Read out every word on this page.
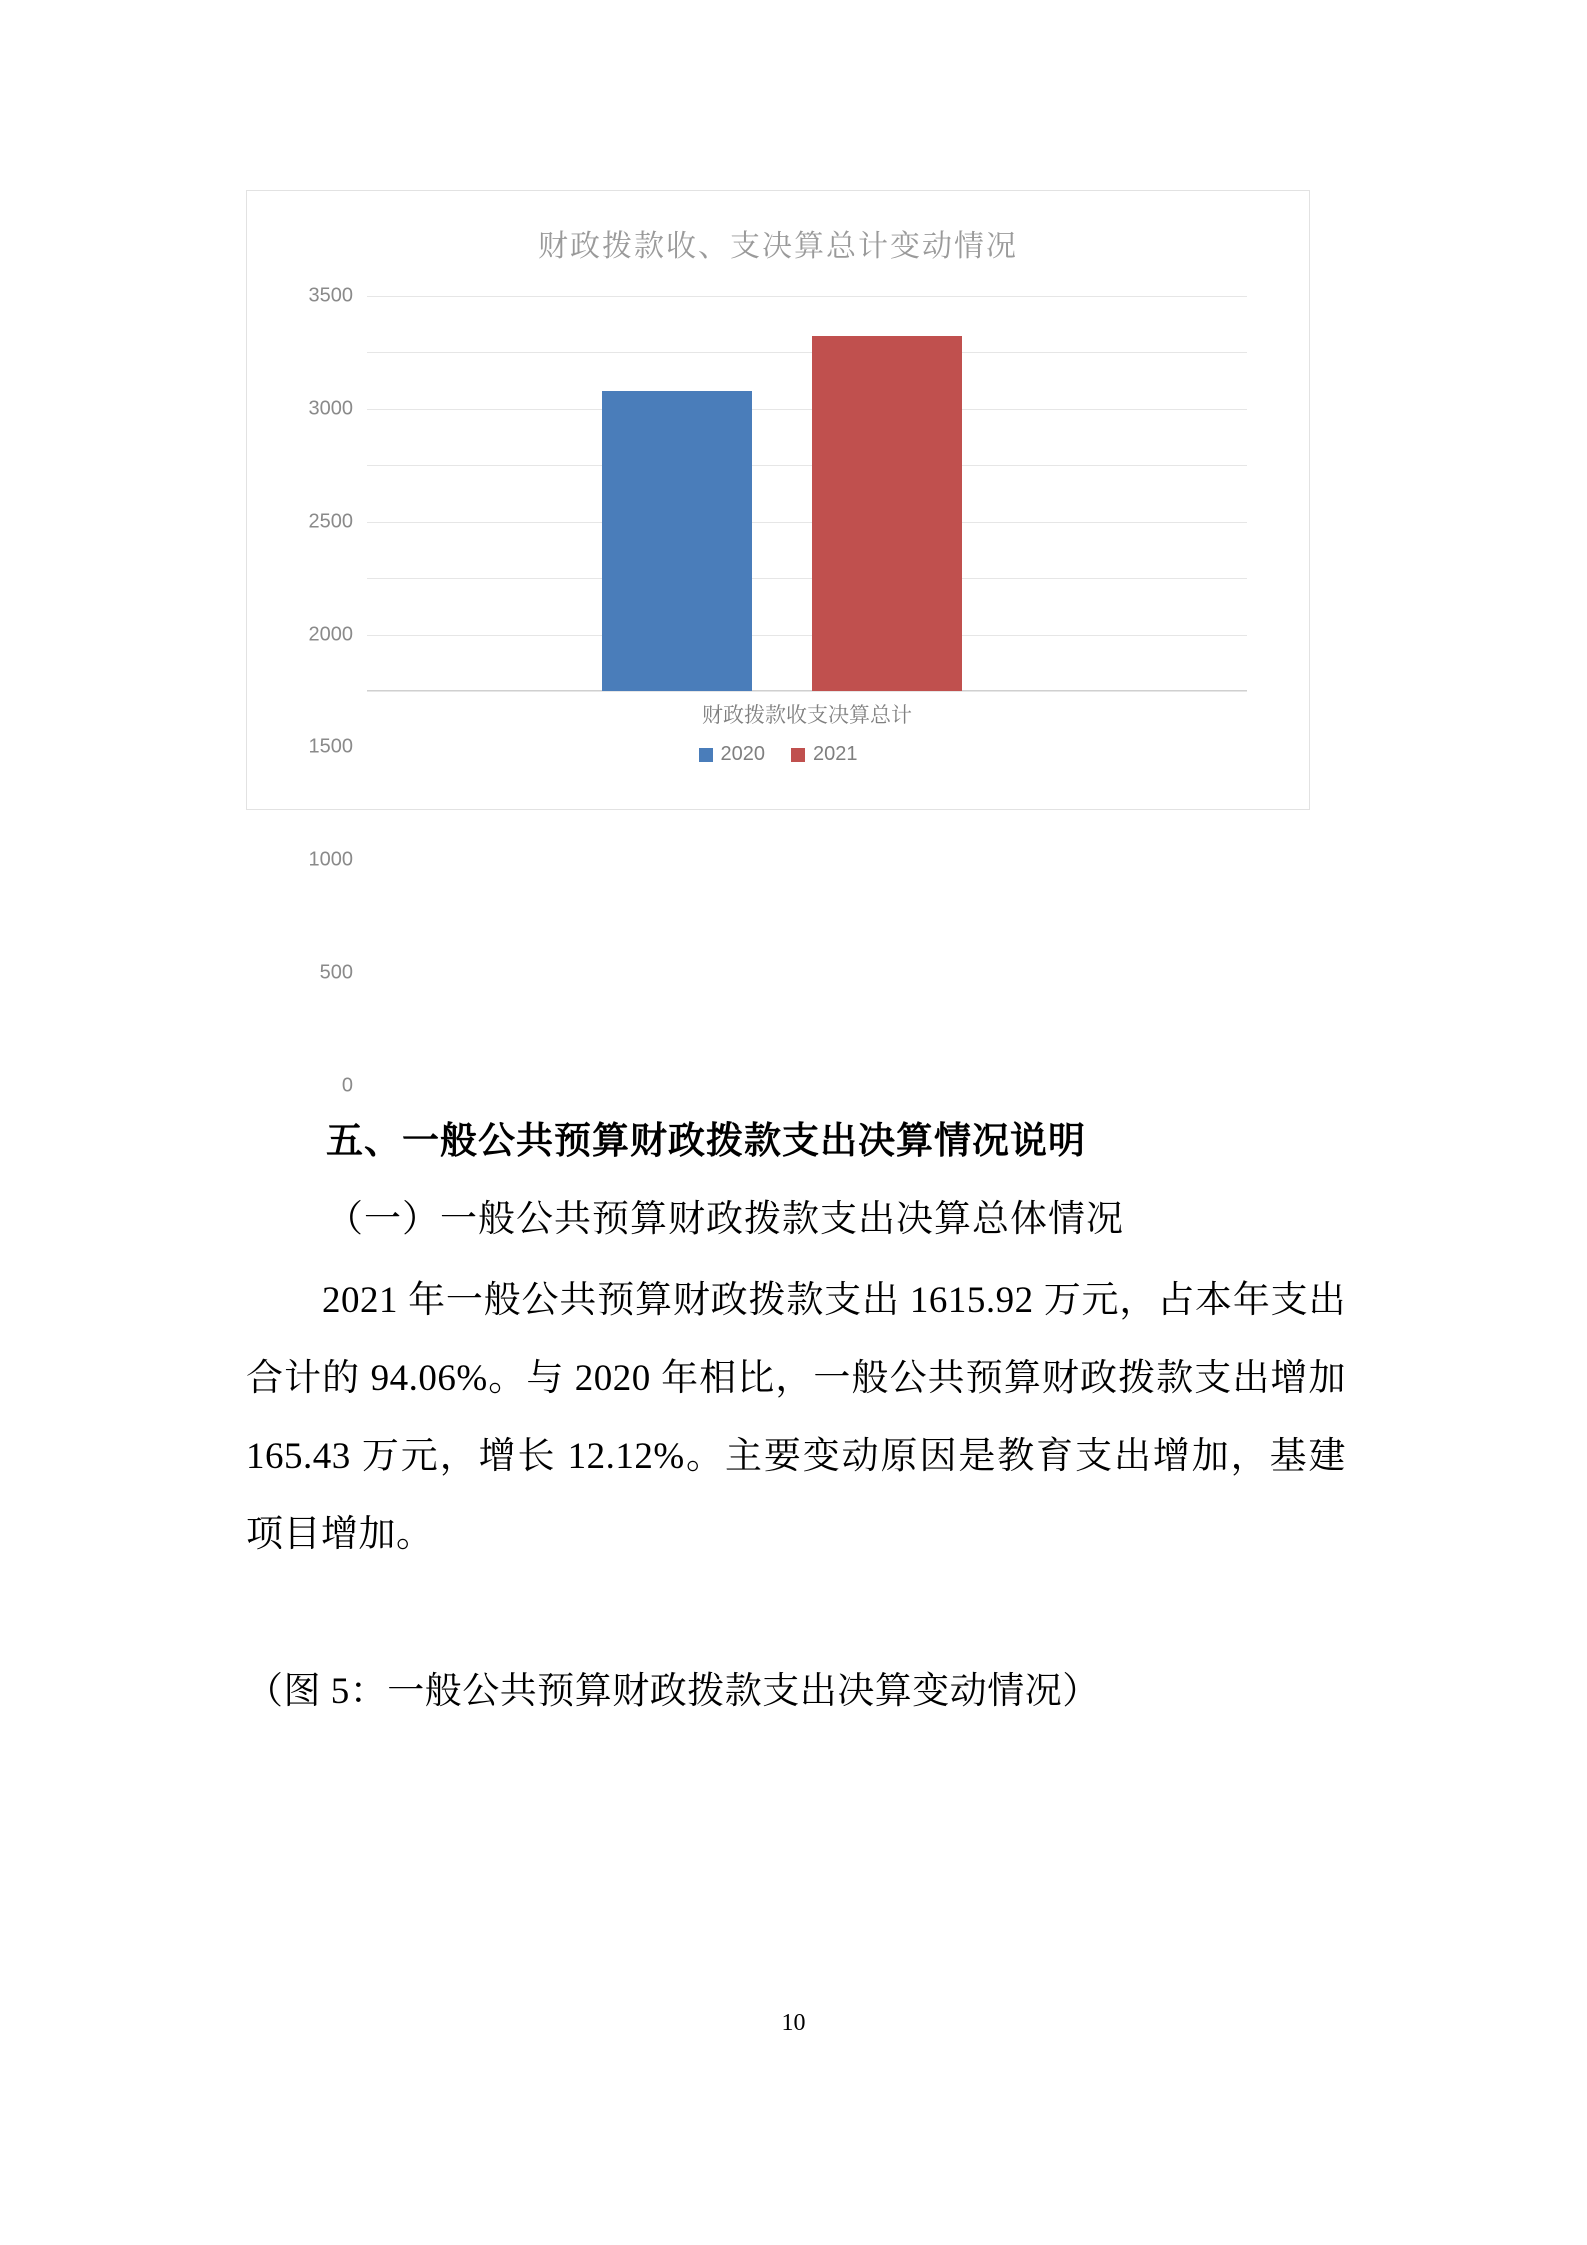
财政拨款收、支决算总计变动情况
0
500
1000
1500
2000
2500
3000
3500
财政拨款收支决算总计
2020 2021
五、一般公共预算财政拨款支出决算情况说明
（一）一般公共预算财政拨款支出决算总体情况
2021 年一般公共预算财政拨款支出 1615.92 万元，占本年支出合计的 94.06%。与 2020 年相比，一般公共预算财政拨款支出增加 165.43 万元，增长 12.12%。主要变动原因是教育支出增加，基建项目增加。
（图 5：一般公共预算财政拨款支出决算变动情况）
10
